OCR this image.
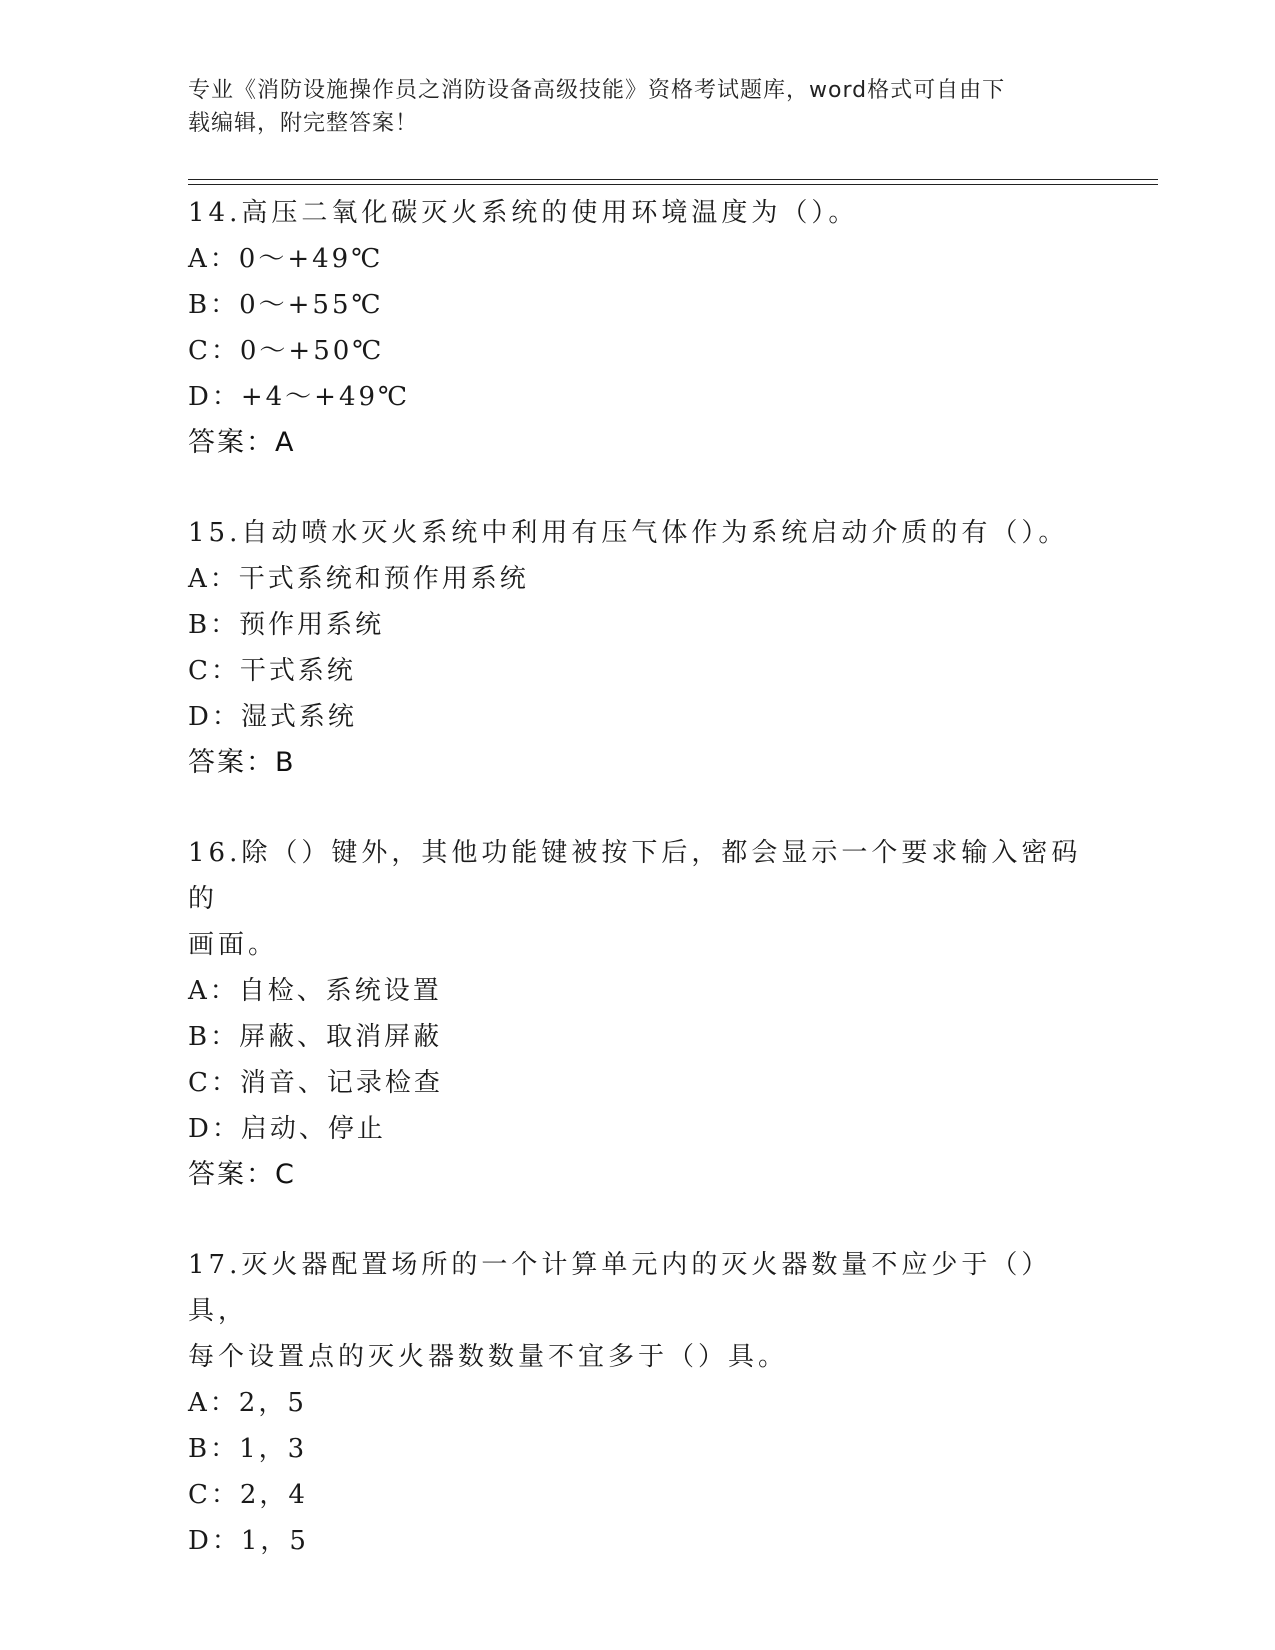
专业《消防设施操作员之消防设备高级技能》资格考试题库，word格式可自由下
载编辑，附完整答案！
14.高压二氧化碳灭火系统的使用环境温度为（）。
A：0～+49℃
B：0～+55℃
C：0～+50℃
D：+4～+49℃
答案：A
15.自动喷水灭火系统中利用有压气体作为系统启动介质的有（）。
A：干式系统和预作用系统
B：预作用系统
C：干式系统
D：湿式系统
答案：B
16.除（）键外，其他功能键被按下后，都会显示一个要求输入密码的
画面。
A：自检、系统设置
B：屏蔽、取消屏蔽
C：消音、记录检查
D：启动、停止
答案：C
17.灭火器配置场所的一个计算单元内的灭火器数量不应少于（）具，
每个设置点的灭火器数数量不宜多于（）具。
A：2，5
B：1，3
C：2，4
D：1，5
